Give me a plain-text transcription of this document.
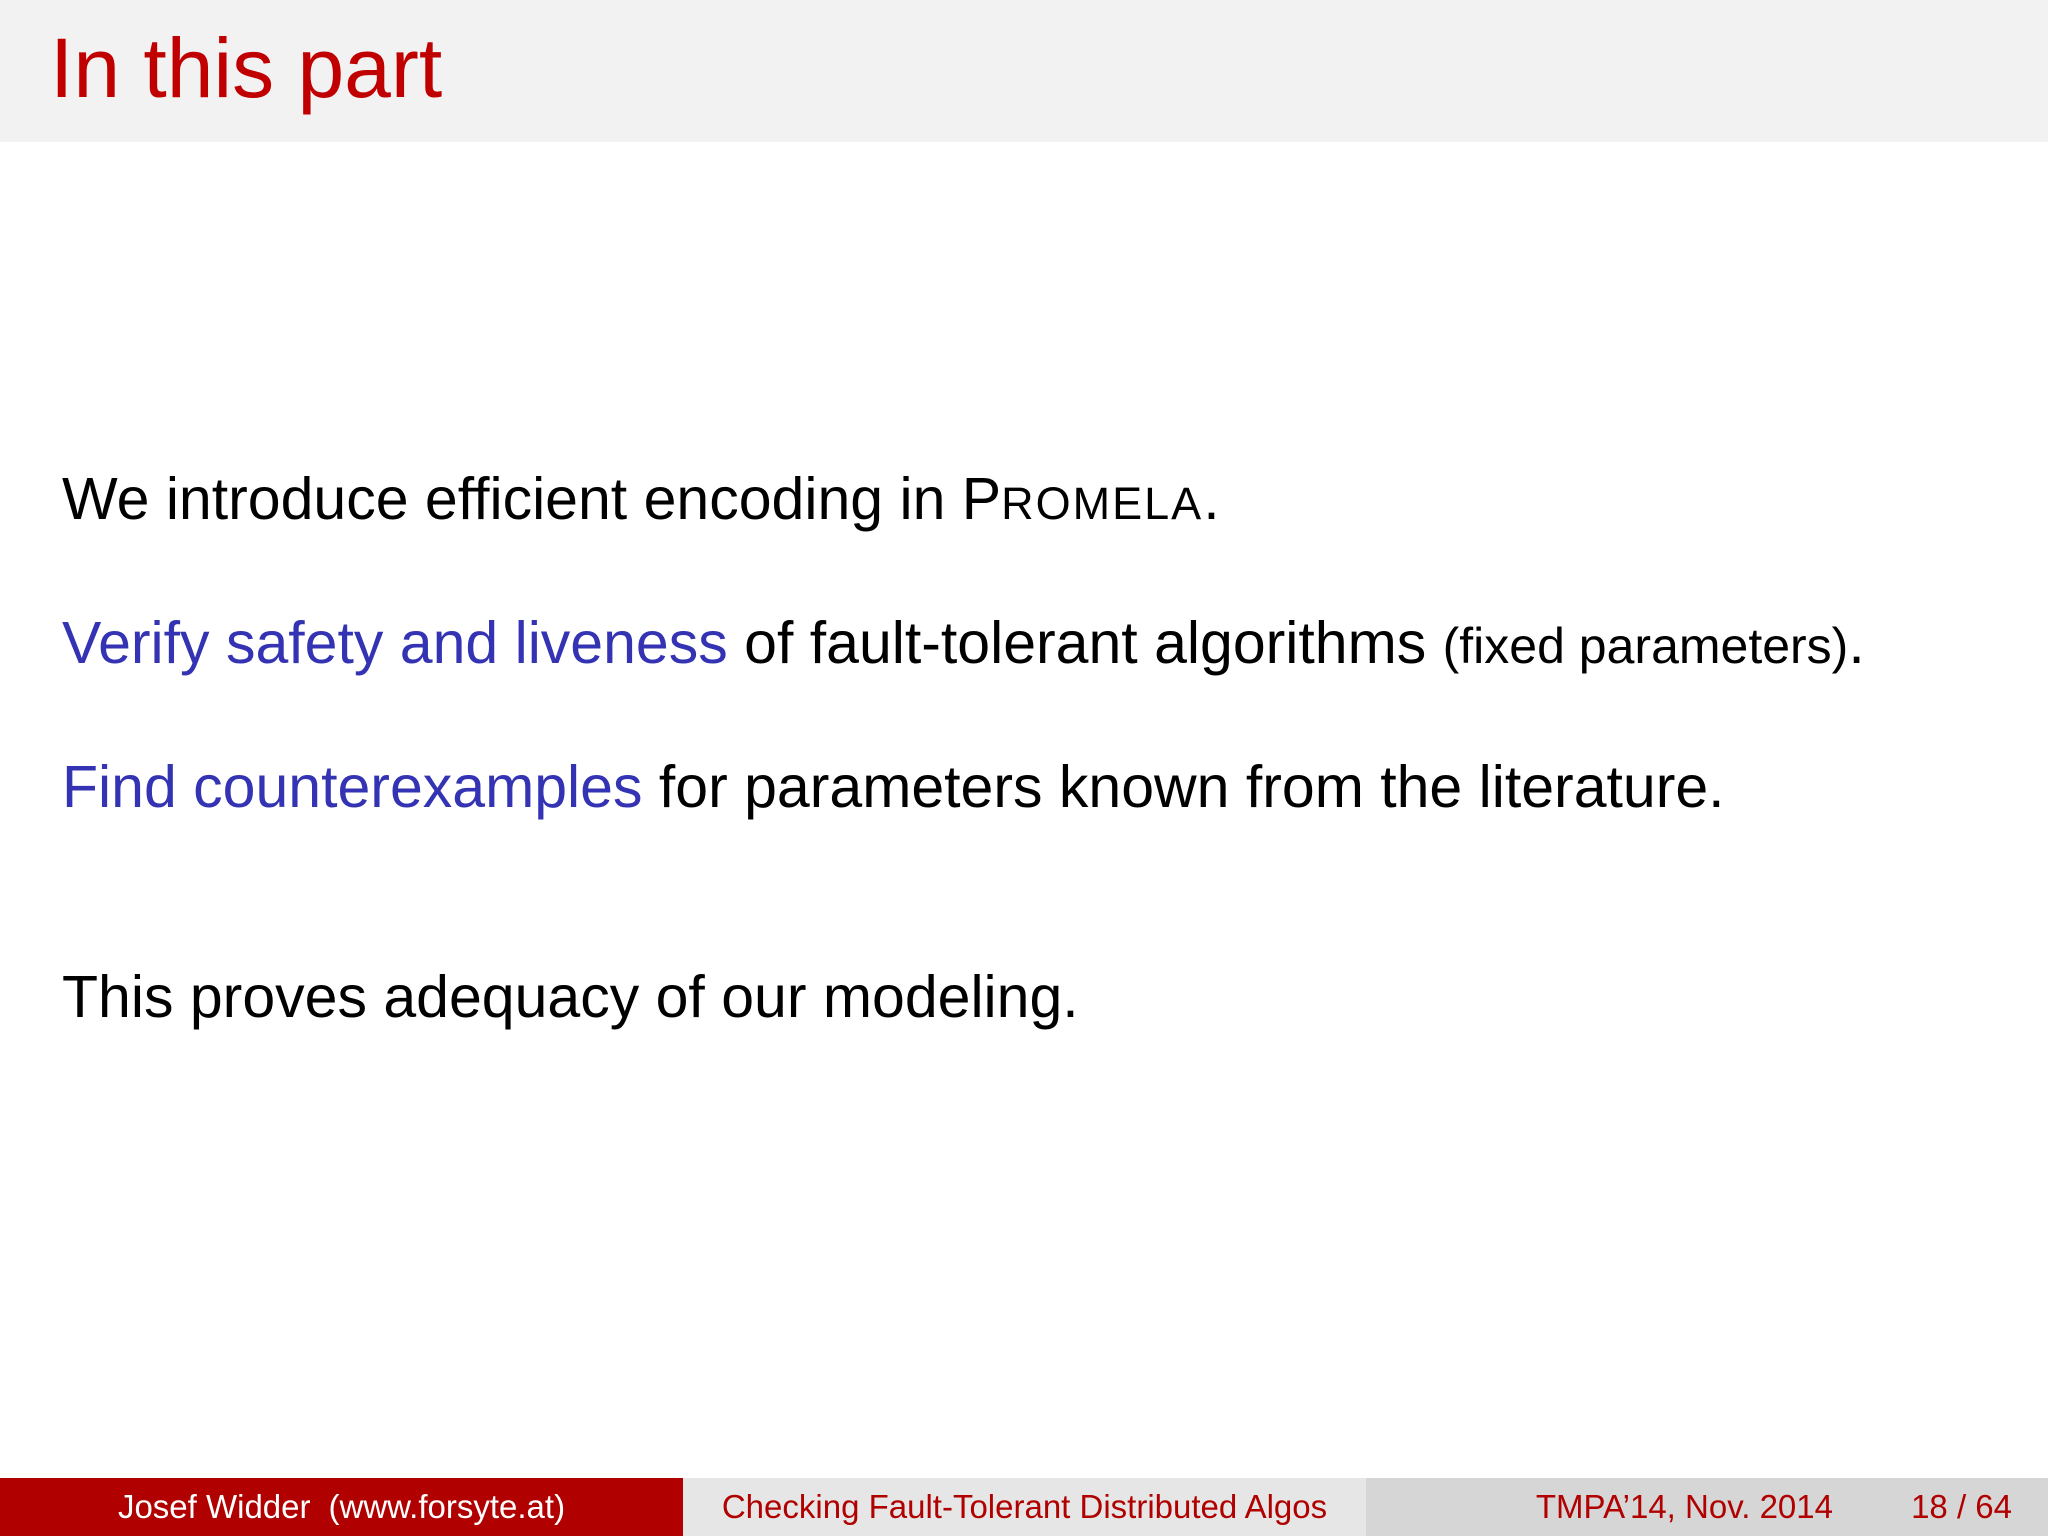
In this part

We introduce efficient encoding in PROMELA.

Verify safety and liveness of fault-tolerant algorithms (fixed parameters).

Find counterexamples for parameters known from the literature.

This proves adequacy of our modeling.

Josef Widder (www.forsyte.at)	Checking Fault-Tolerant Distributed Algos	TMPA’14, Nov. 2014 18 / 64
